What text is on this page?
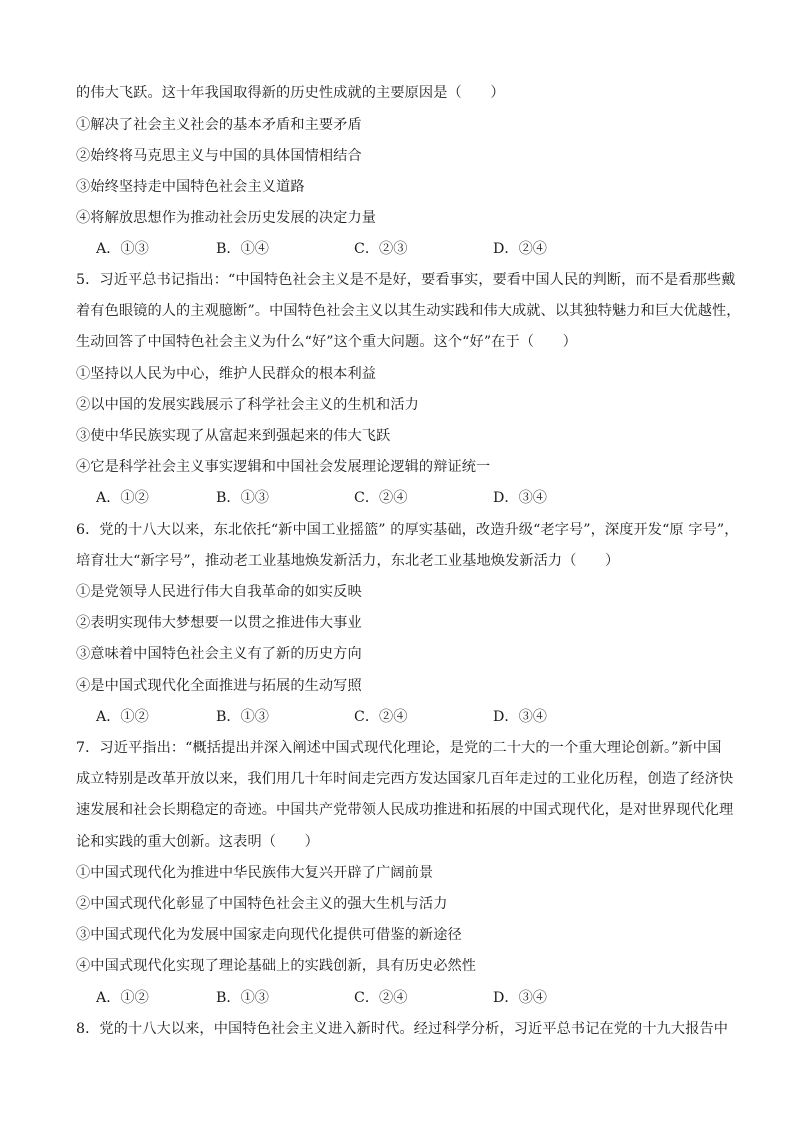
的伟大飞跃。这十年我国取得新的历史性成就的主要原因是（　　）
①解决了社会主义社会的基本矛盾和主要矛盾
②始终将马克思主义与中国的具体国情相结合
③始终坚持走中国特色社会主义道路
④将解放思想作为推动社会历史发展的决定力量
A．①③	B．①④	C．②③	D．②④
5．习近平总书记指出：“中国特色社会主义是不是好，要看事实，要看中国人民的判断，而不是看那些戴
着有色眼镜的人的主观臆断”。中国特色社会主义以其生动实践和伟大成就、以其独特魅力和巨大优越性，
生动回答了中国特色社会主义为什么“好”这个重大问题。这个“好”在于（　　）
①坚持以人民为中心，维护人民群众的根本利益
②以中国的发展实践展示了科学社会主义的生机和活力
③使中华民族实现了从富起来到强起来的伟大飞跃
④它是科学社会主义事实逻辑和中国社会发展理论逻辑的辩证统一
A．①②	B．①③	C．②④	D．③④
6．党的十八大以来，东北依托“新中国工业摇篮” 的厚实基础，改造升级“老字号”，深度开发“原 字号”，
培育壮大“新字号”，推动老工业基地焕发新活力，东北老工业基地焕发新活力（　　）
①是党领导人民进行伟大自我革命的如实反映
②表明实现伟大梦想要一以贯之推进伟大事业
③意味着中国特色社会主义有了新的历史方向
④是中国式现代化全面推进与拓展的生动写照
A．①②	B．①③	C．②④	D．③④
7．习近平指出：“概括提出并深入阐述中国式现代化理论，是党的二十大的一个重大理论创新。”新中国
成立特别是改革开放以来，我们用几十年时间走完西方发达国家几百年走过的工业化历程，创造了经济快
速发展和社会长期稳定的奇迹。中国共产党带领人民成功推进和拓展的中国式现代化，是对世界现代化理
论和实践的重大创新。这表明（　　）
①中国式现代化为推进中华民族伟大复兴开辟了广阔前景
②中国式现代化彰显了中国特色社会主义的强大生机与活力
③中国式现代化为发展中国家走向现代化提供可借鉴的新途径
④中国式现代化实现了理论基础上的实践创新，具有历史必然性
A．①②	B．①③	C．②④	D．③④
8．党的十八大以来，中国特色社会主义进入新时代。经过科学分析，习近平总书记在党的十九大报告中
